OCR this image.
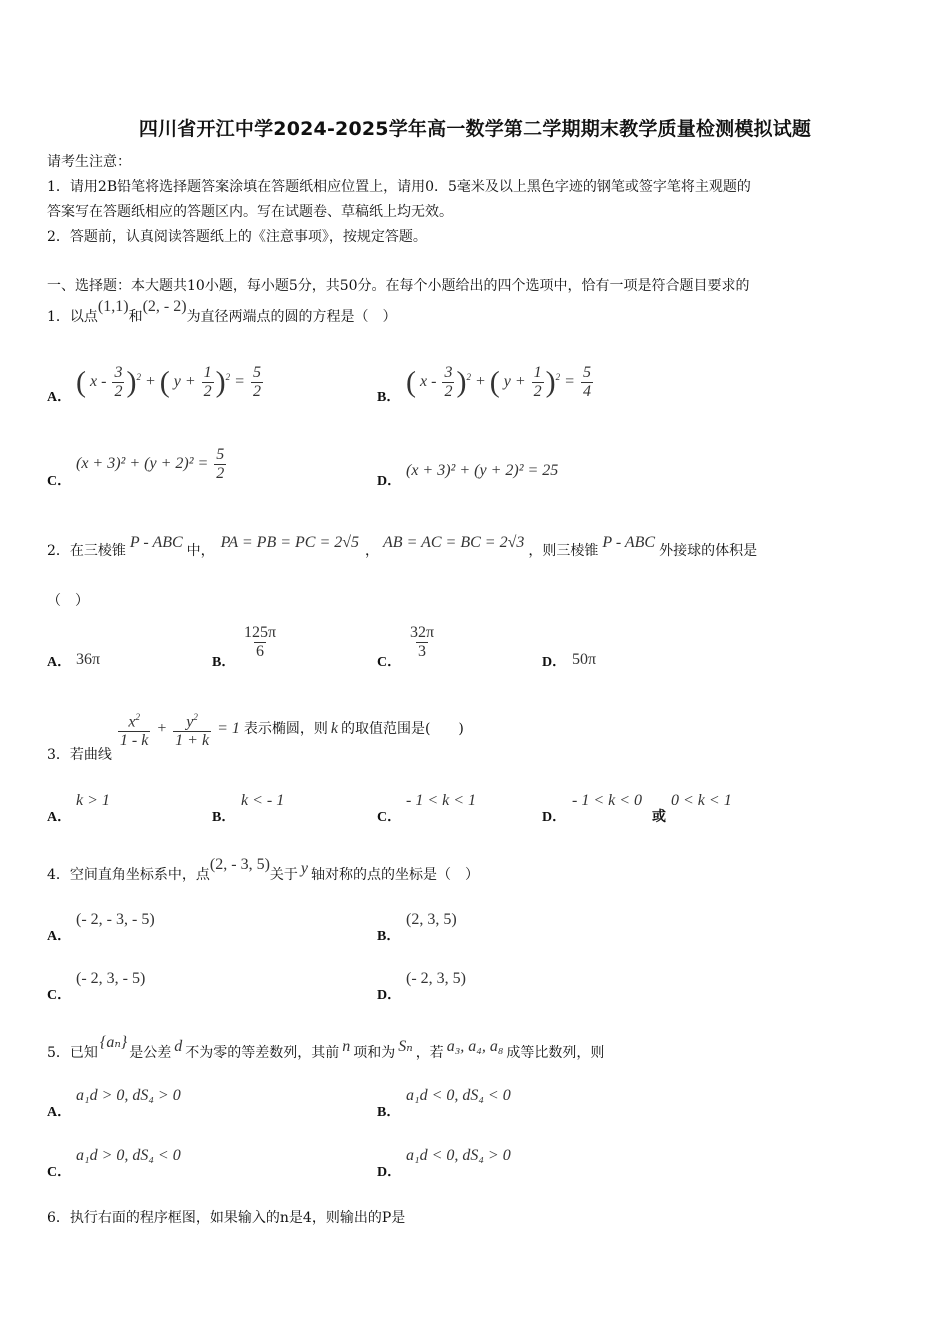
四川省开江中学2024-2025学年高一数学第二学期期末教学质量检测模拟试题
请考生注意：
1．请用2B铅笔将选择题答案涂填在答题纸相应位置上，请用0．5毫米及以上黑色字迹的钢笔或签字笔将主观题的
答案写在答题纸相应的答题区内。写在试题卷、草稿纸上均无效。
2．答题前，认真阅读答题纸上的《注意事项》，按规定答题。
一、选择题：本大题共10小题，每小题5分，共50分。在每个小题给出的四个选项中，恰有一项是符合题目要求的
1．以点(1,1)和(2, - 2)为直径两端点的圆的方程是（　）
A． ( x - $\frac{3}{2} )^2$ + ( $y + \frac{1}{2} )^2 = \frac{5}{2}$	B． ( x - $\frac{3}{2} )^2$ + ( $y + \frac{1}{2} )^2 = \frac{5}{4}$
C．
$(x + 3)^2 + (y + 2)^2 = \frac{5}{2}$	D．
(x + 3)² + (y + 2)² = 25
2．在三棱锥 P - ABC 中， PA = PB = PC = 2√5 ， AB = AC = BC = 2√3 ，则三棱锥 P - ABC 外接球的体积是
（　）
A． 36π	B．
$\frac{125\pi}{6}$
C．
$\frac{32\pi}{3}$
D． 50π
3．若曲线
$\frac{x^2}{1 - k} + \frac{y^2}{1 + k} = 1$ 表示椭圆，则 k 的取值范围是(　　)
A．
k > 1
B．
k < - 1
C．
- 1 < k < 1
D．
- 1 < k < 0
或
0 < k < 1
4．空间直角坐标系中，点(2, - 3, 5)关于 y 轴对称的点的坐标是（　）
A．
(- 2, - 3, - 5)
B．
(2, 3, 5)
C．
(- 2, 3, - 5)
D．
(- 2, 3, 5)
5．已知{aₙ}是公差 d 不为零的等差数列，其前 n 项和为 Sₙ ，若 a₃, a₄, a₈ 成等比数列，则
A．
a₁d > 0, dS₄ > 0
B．
a₁d < 0, dS₄ < 0
C．
a₁d > 0, dS₄ < 0
D．
a₁d < 0, dS₄ > 0
6．执行右面的程序框图，如果输入的n是4，则输出的P是
